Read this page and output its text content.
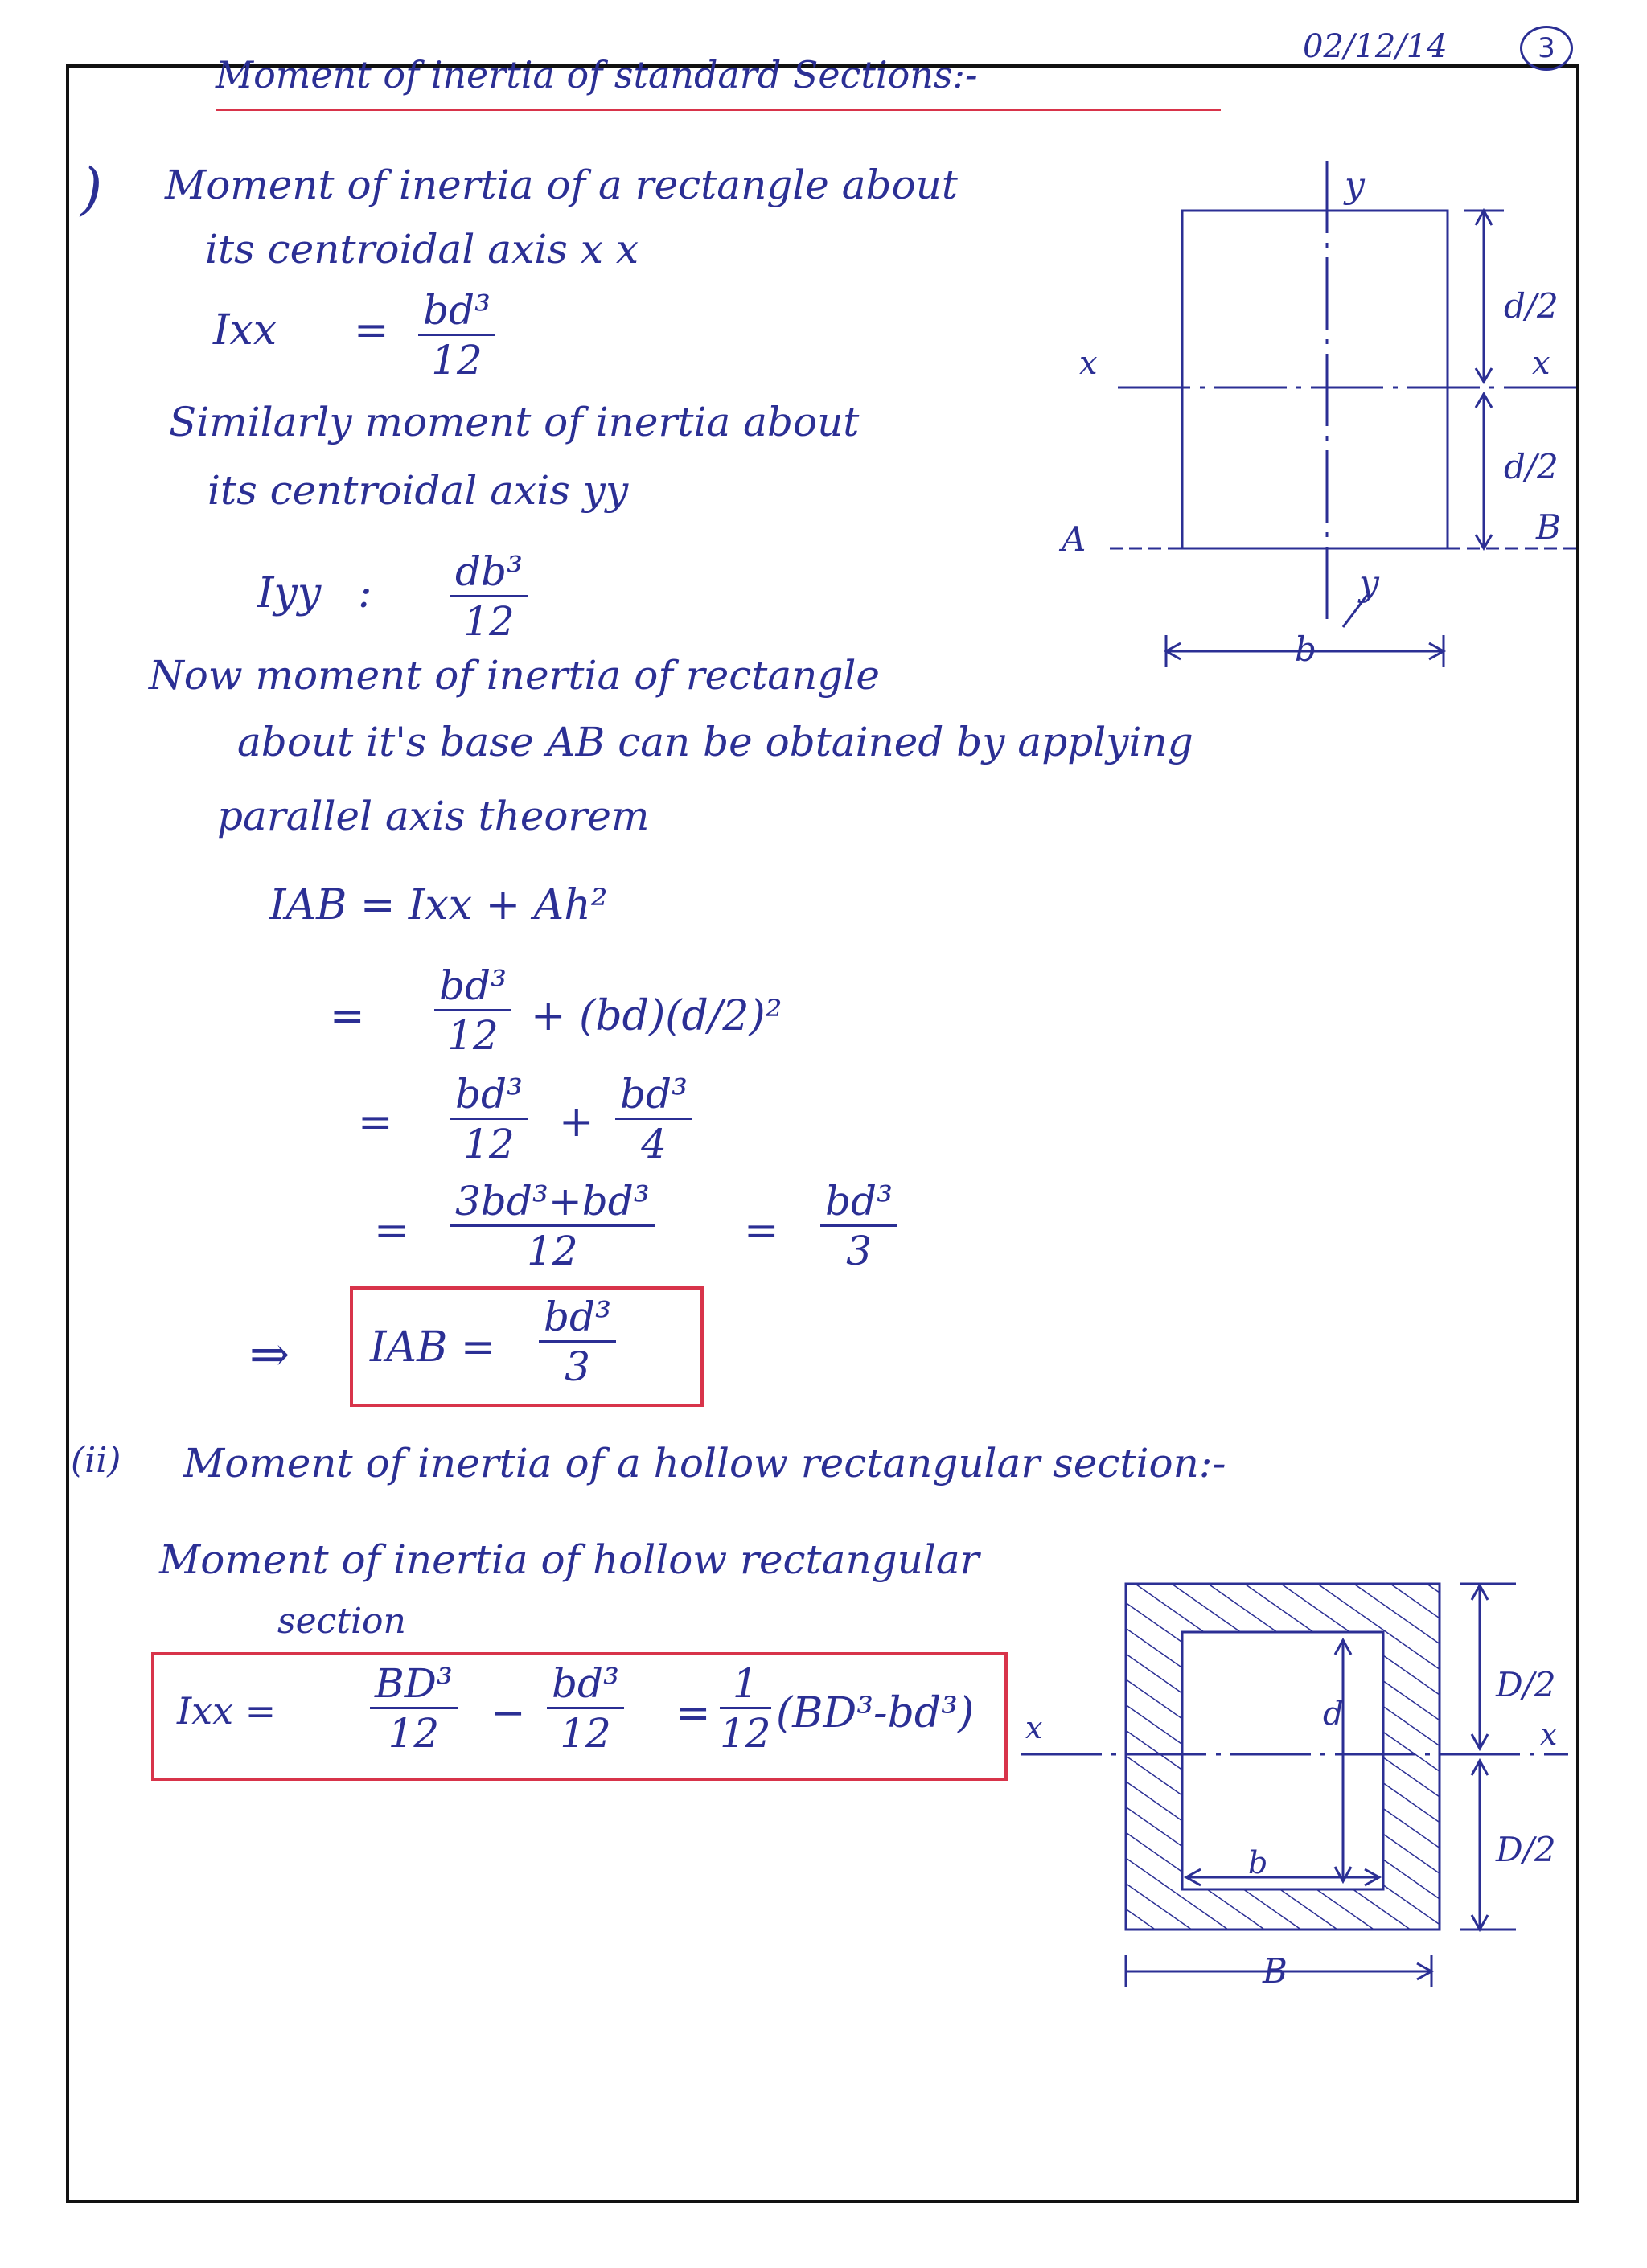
02/12/14	3
Moment of inertia of standard Sections:-
) Moment of inertia of a rectangle about
its centroidal axis x x
Ixx = bd³
12
Similarly moment of inertia about
its centroidal axis yy
Iyy : db³
12
Now moment of inertia of rectangle
about it's base AB can be obtained by applying
parallel axis theorem
IAB = Ixx + Ah²
=
bd³
12 + (bd)(d/2)²
=
bd³
12 +
bd³
4
=
3bd³+bd³
12	=
bd³
3
⇒ IAB =
bd³
3
y
y
x	x
d/2
d/2
A	B
b
(ii) Moment of inertia of a hollow rectangular section:-
Moment of inertia of hollow rectangular
section
Ixx =
BD³
12 −
bd³
12 =
1
12 (BD³-bd³) x	x
d
b
D/2
D/2
B
